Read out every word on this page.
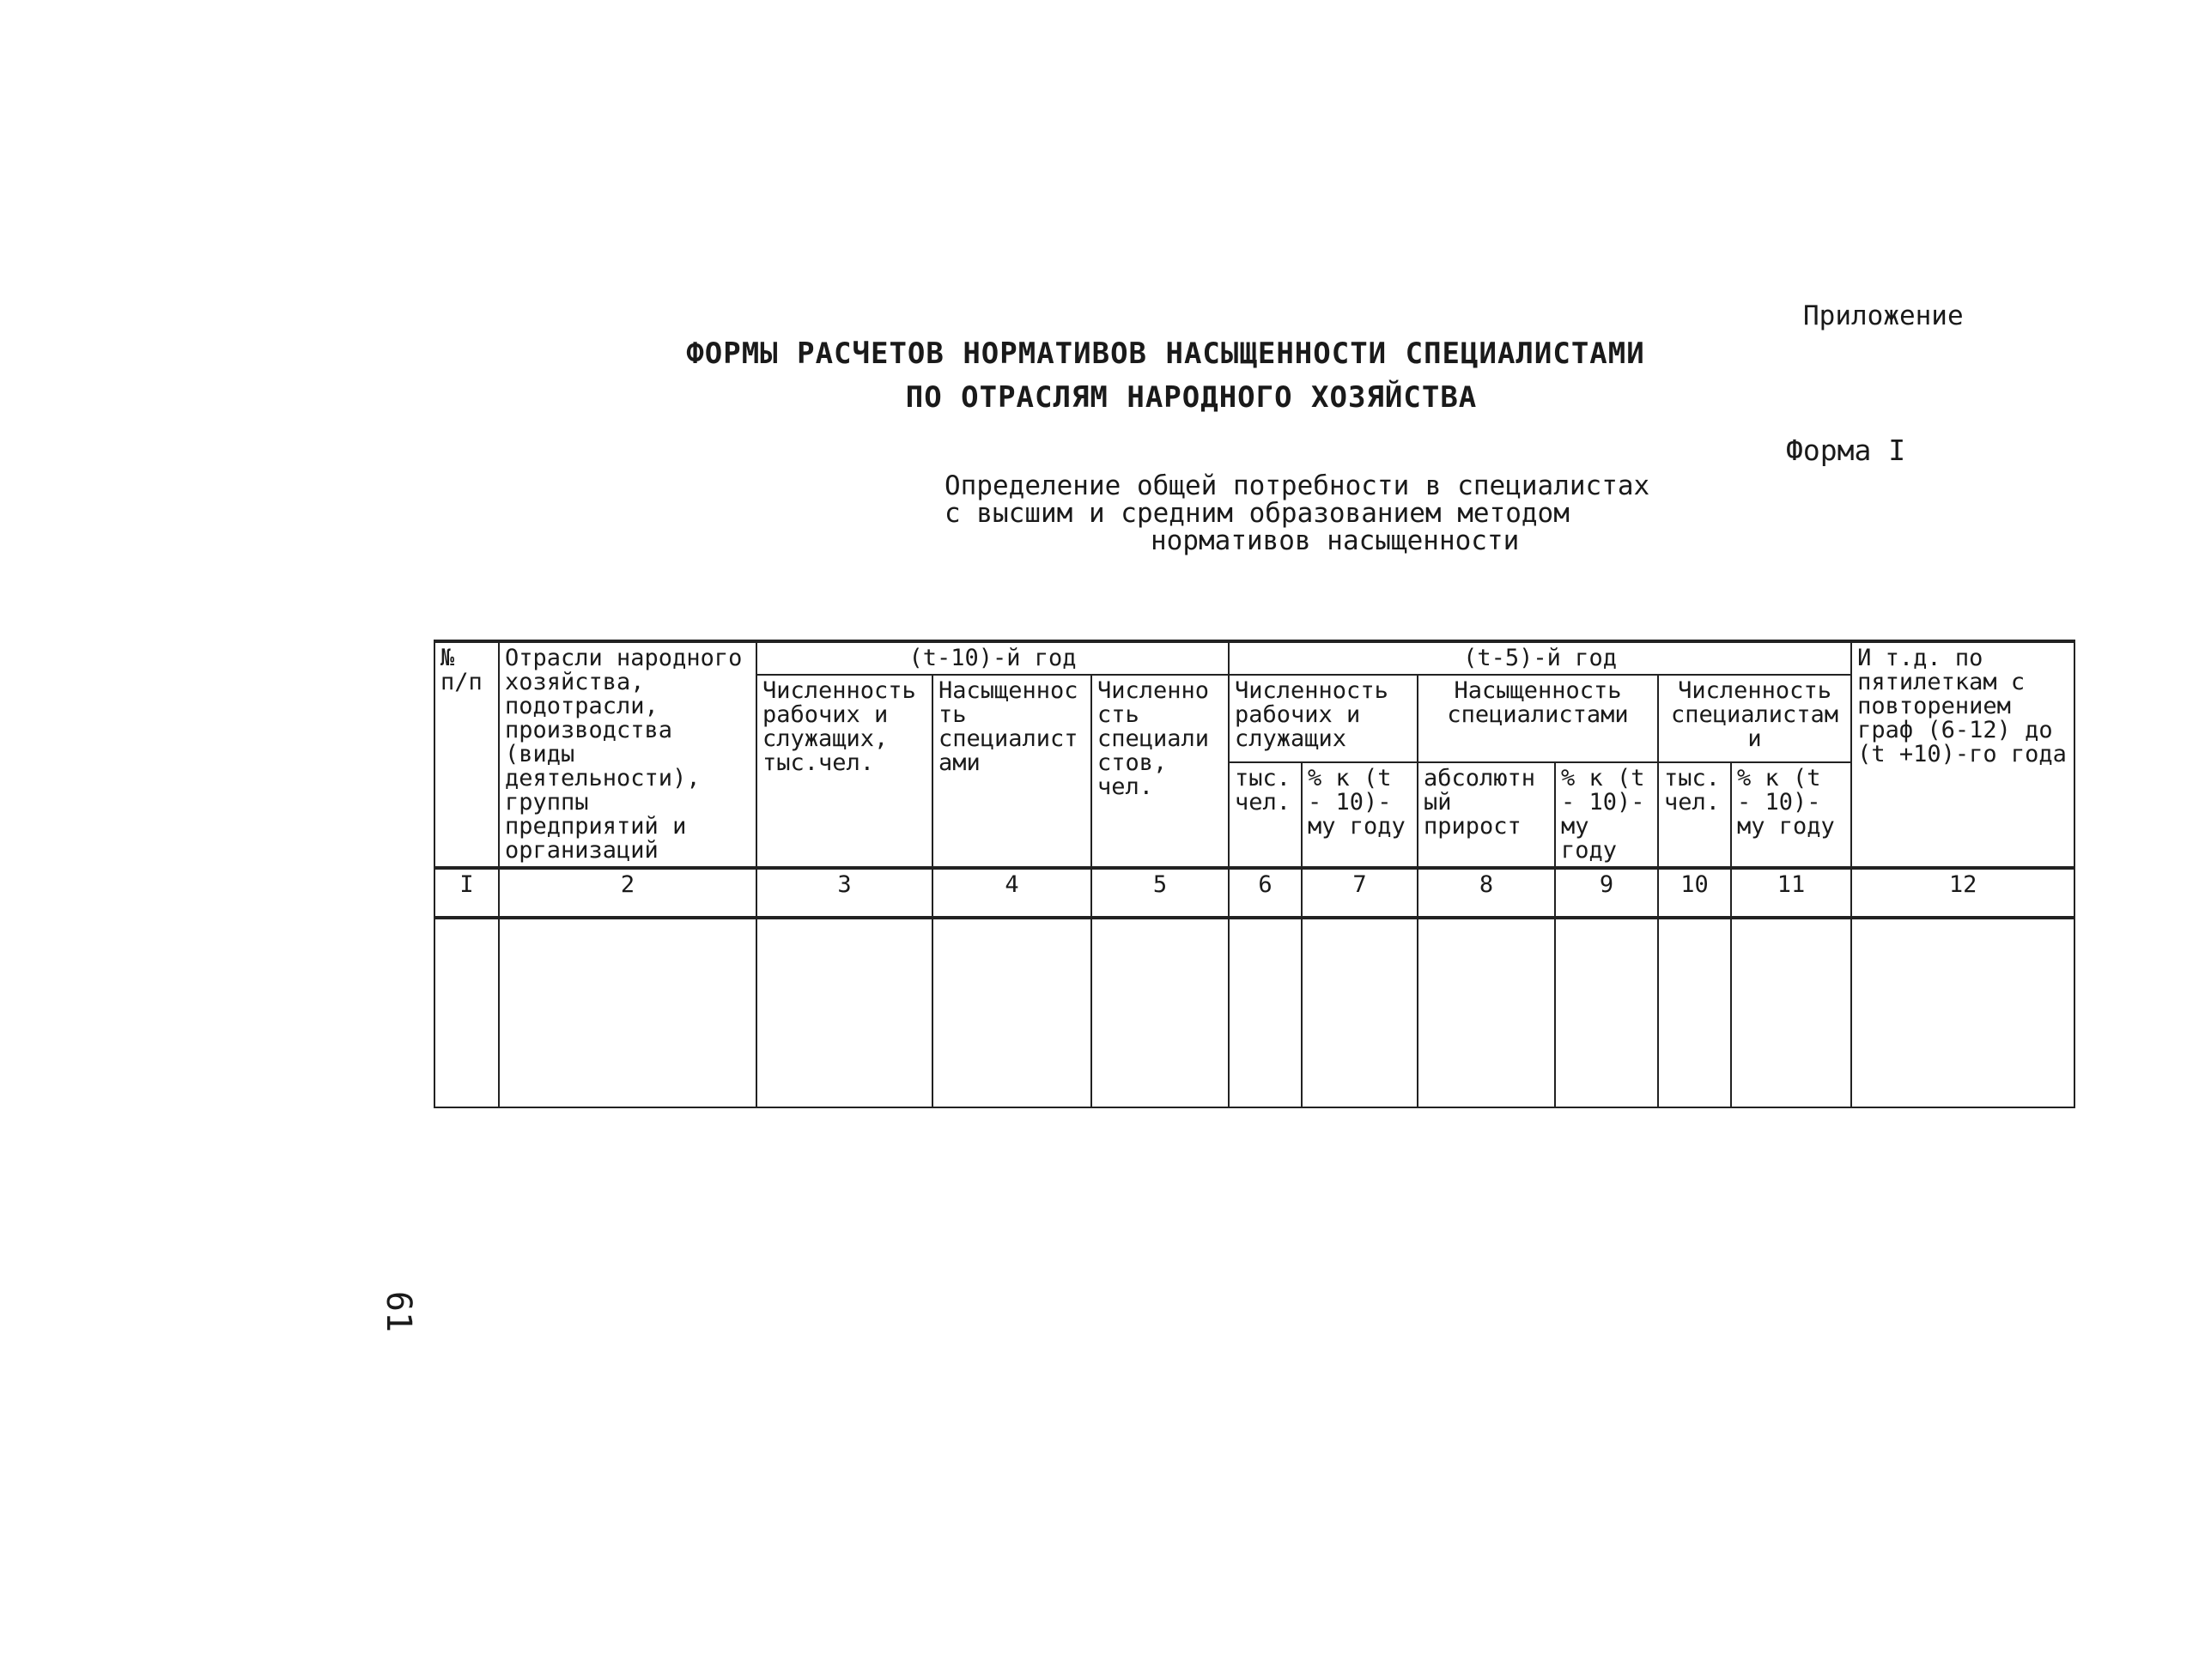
Приложение
ФОРМЫ РАСЧЕТОВ НОРМАТИВОВ НАСЫЩЕННОСТИ СПЕЦИАЛИСТАМИ
ПО ОТРАСЛЯМ НАРОДНОГО ХОЗЯЙСТВА
Форма I
Определение общей потребности в специалистах
с высшим и средним образованием методом
нормативов насыщенности
№ п/п	Отрасли народного хозяйства, подотрасли, производства (виды деятельности), группы предприятий и организаций	(t-10)-й год			(t-5)-й год						И т.д. по пятилеткам с повторением граф (6-12) до (t +10)-го года
		Численность рабочих и служащих, тыс.чел.	Насыщенность специалистами	Численность специалистов, чел.	Численность рабочих и служащих		Насыщенность специалистами		Численность специалистами		
					тыс. чел.	% к (t - 10)-му году	абсолютный прирост	% к (t - 10)-му году	тыс. чел.	% к (t - 10)-му году	
I	2	3	4	5	6	7	8	9	10	11	12

61
